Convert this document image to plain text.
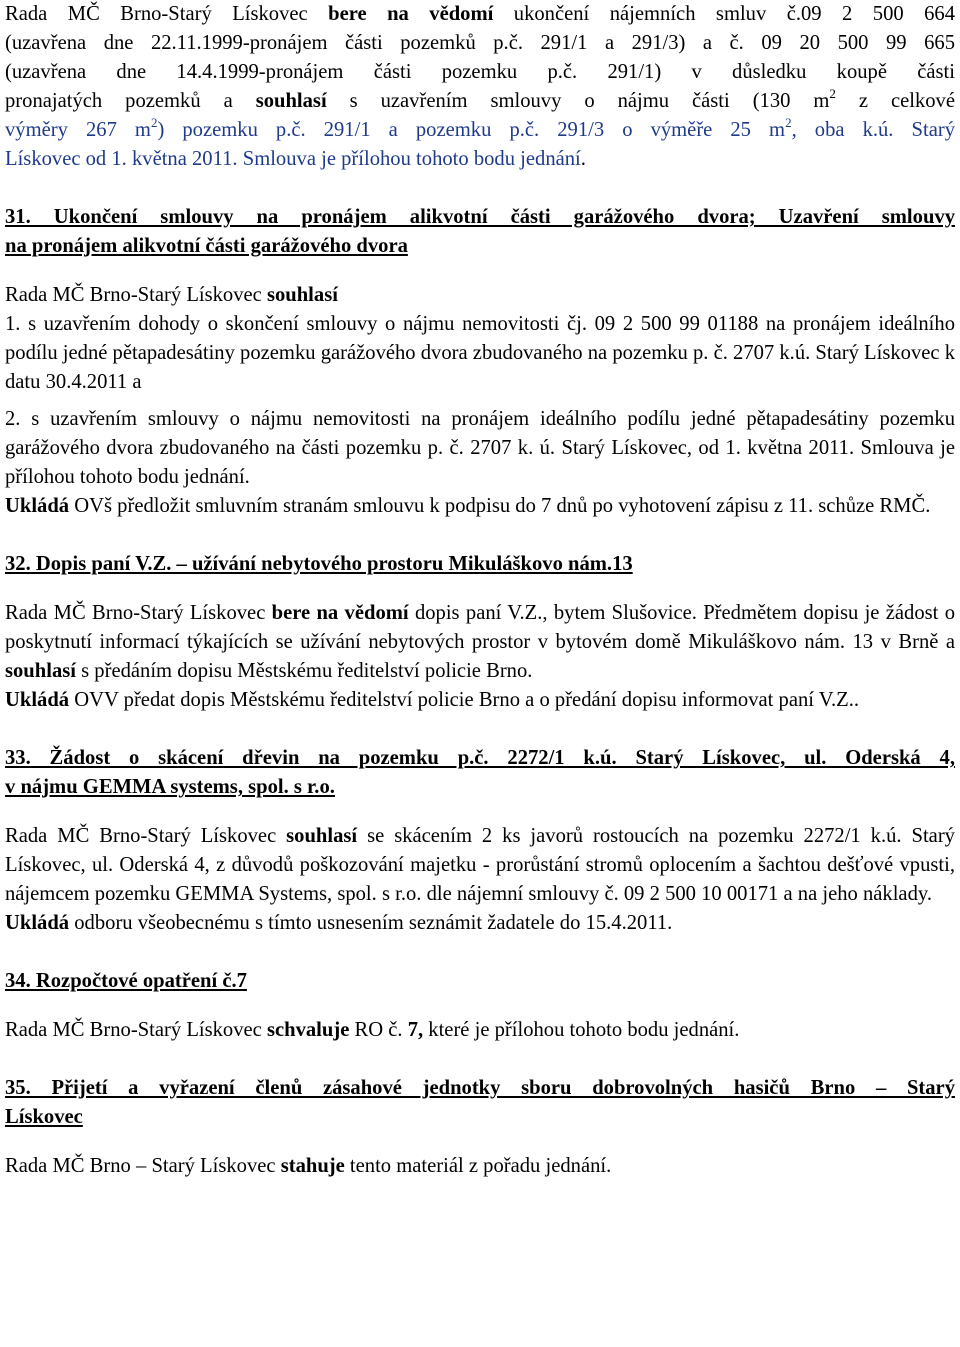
Rada MČ Brno-Starý Lískovec bere na vědomí ukončení nájemních smluv č.09 2 500 664

(uzavřena dne 22.11.1999-pronájem části pozemků p.č. 291/1 a 291/3) a č. 09 20 500 99 665

(uzavřena dne 14.4.1999-pronájem části pozemku p.č. 291/1) v důsledku koupě části

pronajatých pozemků a souhlasí s uzavřením smlouvy o nájmu části (130 $m^2$ z celkové

výměry 267 $m^2$) pozemku p.č. 291/1 a pozemku p.č. 291/3 o výměře 25 $m^2$, oba k.ú. Starý

Lískovec od 1. května 2011. Smlouva je přílohou tohoto bodu jednání.

31. Ukončení smlouvy na pronájem alikvotní části garážového dvora; Uzavření smlouvy

na pronájem alikvotní části garážového dvora

Rada MČ Brno-Starý Lískovec souhlasí

1. s uzavřením dohody o skončení smlouvy o nájmu nemovitosti čj. 09 2 500 99 01188 na pronájem ideálního podílu jedné pětapadesátiny pozemku garážového dvora zbudovaného na pozemku p. č. 2707 k.ú. Starý Lískovec k datu 30.4.2011 a

2. s uzavřením smlouvy o nájmu nemovitosti na pronájem ideálního podílu jedné pětapadesátiny pozemku garážového dvora zbudovaného na části pozemku p. č. 2707 k. ú. Starý Lískovec, od 1. května 2011. Smlouva je přílohou tohoto bodu jednání.

Ukládá OVš předložit smluvním stranám smlouvu k podpisu do 7 dnů po vyhotovení zápisu z 11. schůze RMČ.

32. Dopis paní V.Z. – užívání nebytového prostoru Mikuláškovo nám.13

Rada MČ Brno-Starý Lískovec bere na vědomí dopis paní V.Z., bytem Slušovice. Předmětem dopisu je žádost o poskytnutí informací týkajících se užívání nebytových prostor v bytovém domě Mikuláškovo nám. 13 v Brně a souhlasí s předáním dopisu Městskému ředitelství policie Brno.

Ukládá OVV předat dopis Městskému ředitelství policie Brno a o předání dopisu informovat paní V.Z..

33. Žádost o skácení dřevin na pozemku p.č. 2272/1 k.ú. Starý Lískovec, ul. Oderská 4,

v nájmu GEMMA systems, spol. s r.o.

Rada MČ Brno-Starý Lískovec souhlasí se skácením 2 ks javorů rostoucích na pozemku 2272/1 k.ú. Starý Lískovec, ul. Oderská 4, z důvodů poškozování majetku - prorůstání stromů oplocením a šachtou dešťové vpusti, nájemcem pozemku GEMMA Systems, spol. s r.o. dle nájemní smlouvy č. 09 2 500 10 00171 a na jeho náklady.

Ukládá odboru všeobecnému s tímto usnesením seznámit žadatele do 15.4.2011.

34. Rozpočtové opatření č.7

Rada MČ Brno-Starý Lískovec schvaluje RO č. 7, které je přílohou tohoto bodu jednání.

35. Přijetí a vyřazení členů zásahové jednotky sboru dobrovolných hasičů Brno – Starý

Lískovec

Rada MČ Brno – Starý Lískovec stahuje tento materiál z pořadu jednání.
